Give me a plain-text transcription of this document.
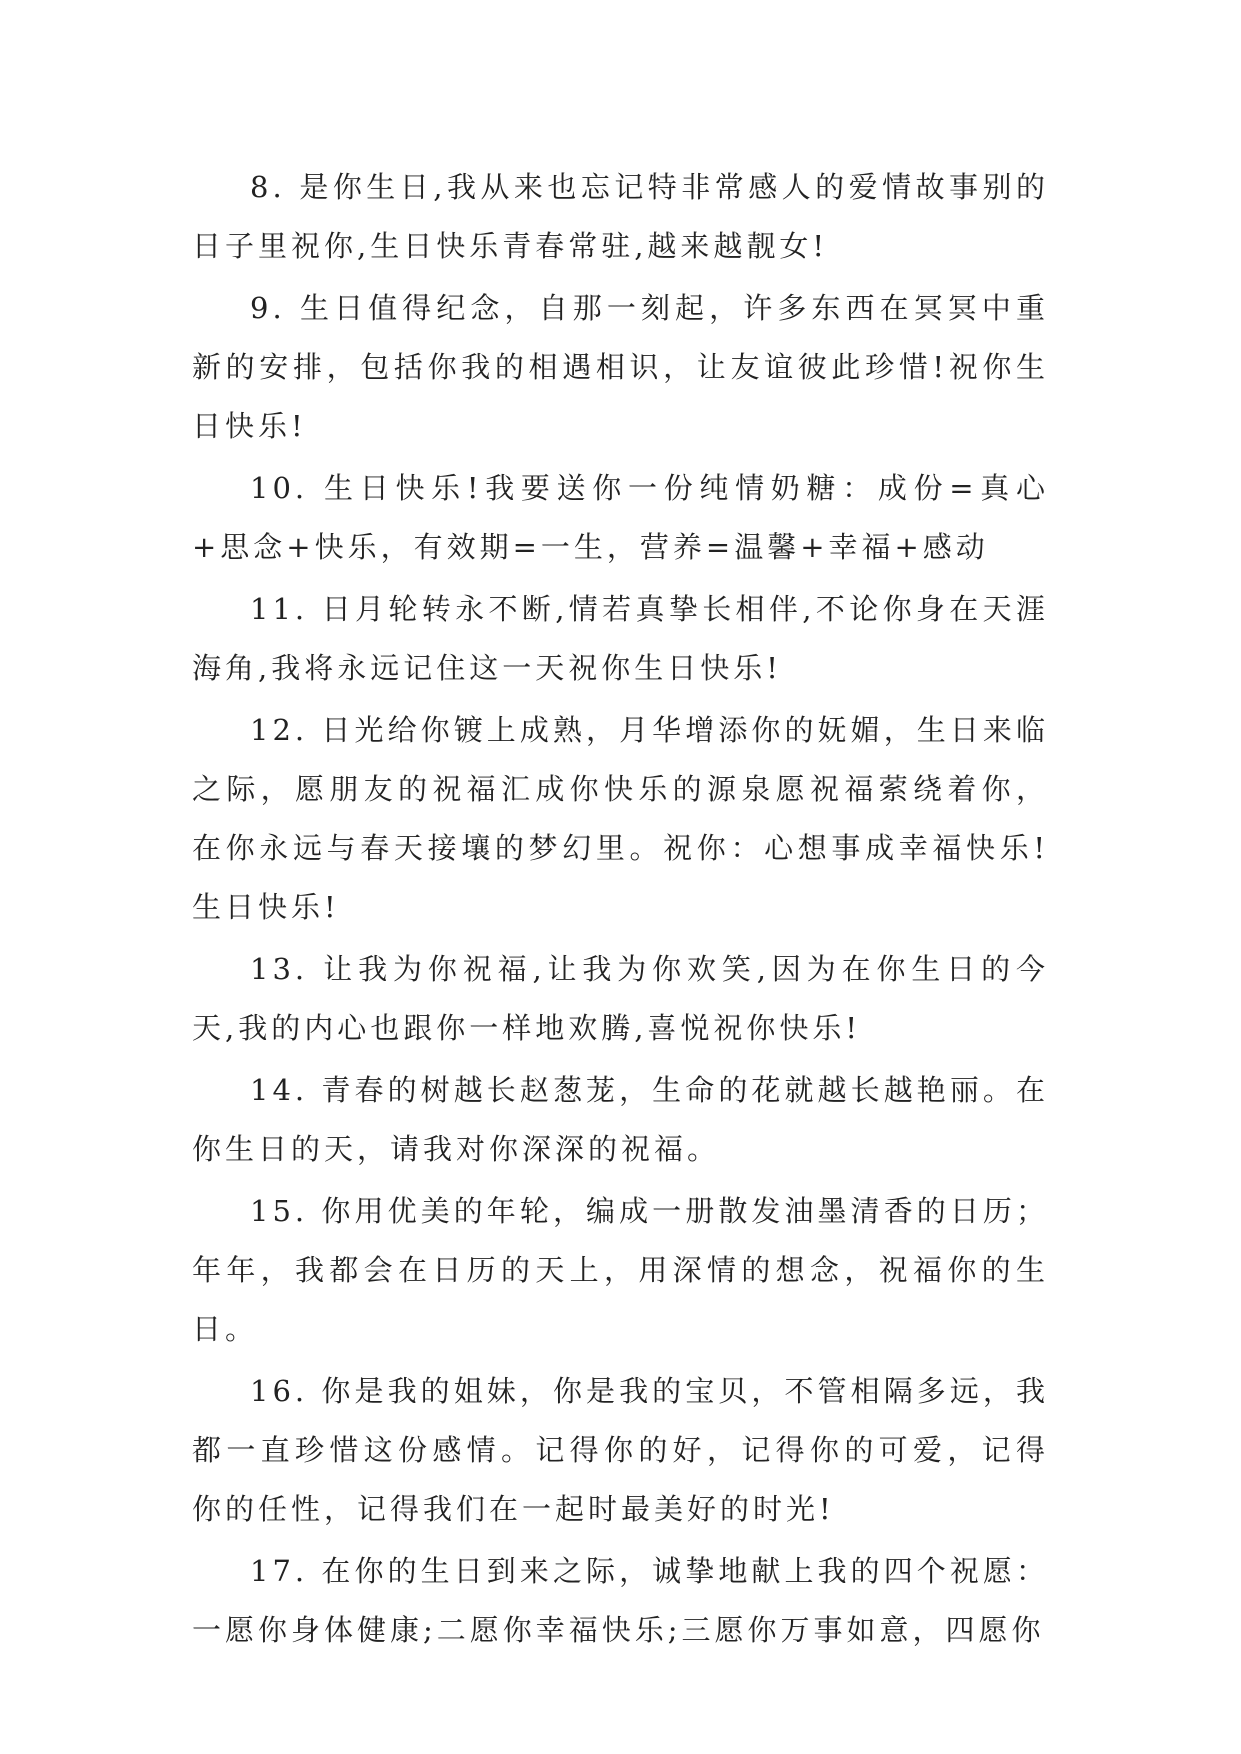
8. 是你生日,我从来也忘记特非常感人的爱情故事别的日子里祝你,生日快乐青春常驻,越来越靓女!

9. 生日值得纪念，自那一刻起，许多东西在冥冥中重新的安排，包括你我的相遇相识，让友谊彼此珍惜!祝你生日快乐!

10. 生日快乐!我要送你一份纯情奶糖：成份=真心+思念+快乐，有效期=一生，营养=温馨+幸福+感动

11. 日月轮转永不断,情若真挚长相伴,不论你身在天涯海角,我将永远记住这一天祝你生日快乐!

12. 日光给你镀上成熟，月华增添你的妩媚，生日来临之际，愿朋友的祝福汇成你快乐的源泉愿祝福萦绕着你，在你永远与春天接壤的梦幻里。祝你：心想事成幸福快乐!生日快乐!

13. 让我为你祝福,让我为你欢笑,因为在你生日的今天,我的内心也跟你一样地欢腾,喜悦祝你快乐!

14. 青春的树越长赵葱茏，生命的花就越长越艳丽。在你生日的天，请我对你深深的祝福。

15. 你用优美的年轮，编成一册散发油墨清香的日历；年年，我都会在日历的天上，用深情的想念，祝福你的生日。

16. 你是我的姐妹，你是我的宝贝，不管相隔多远，我都一直珍惜这份感情。记得你的好，记得你的可爱，记得你的任性，记得我们在一起时最美好的时光!

17. 在你的生日到来之际，诚挚地献上我的四个祝愿：一愿你身体健康;二愿你幸福快乐;三愿你万事如意，四愿你
